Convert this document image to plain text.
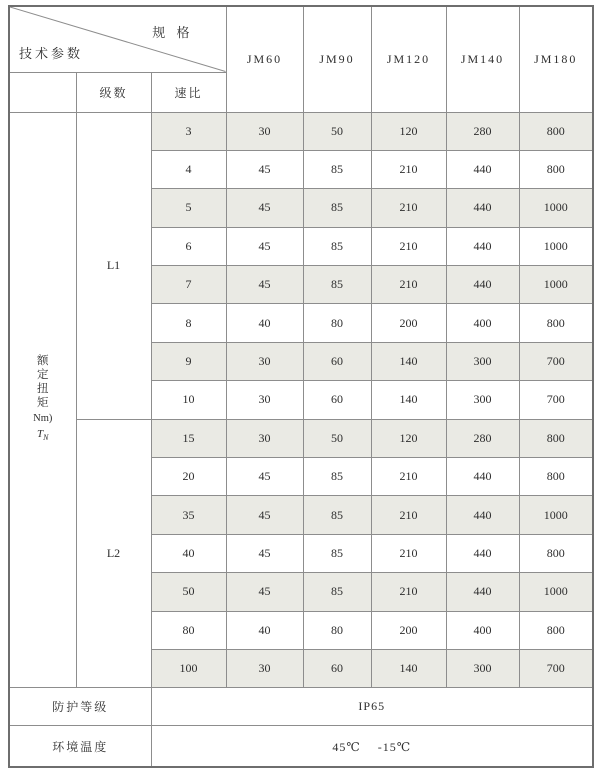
规 格
技术参数			JM60	JM90	JM120	JM140	JM180
	级数	速比					

额
定
扭
矩
Nm)
$T_N$
	L1	3	30	50	120	280	800
		4	45	85	210	440	800
		5	45	85	210	440	1000
		6	45	85	210	440	1000
		7	45	85	210	440	1000
		8	40	80	200	400	800
		9	30	60	140	300	700
		10	30	60	140	300	700
	L2	15	30	50	120	280	800
		20	45	85	210	440	800
		35	45	85	210	440	1000
		40	45	85	210	440	800
		50	45	85	210	440	1000
		80	40	80	200	400	800
		100	30	60	140	300	700
防护等级		IP65					
环境温度		45℃　 -15℃					
